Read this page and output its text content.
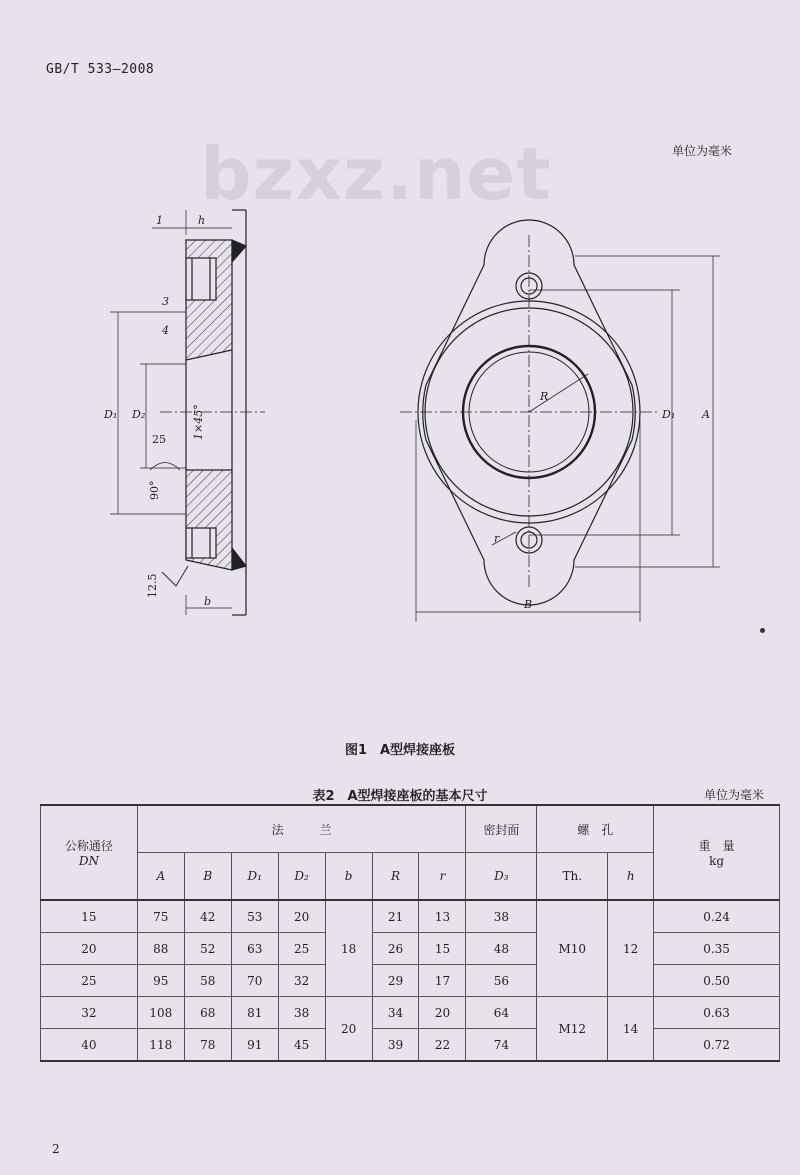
GB/T 533—2008
单位为毫米
bzxz.net
1	h
3
4
D₁ D₂	1×45°
25
90°
12.5
b
R
r
D₁ A
B
图1　A型焊接座板
表2　A型焊接座板的基本尺寸	单位为毫米
公称通径
DN	法　　　兰							密封面	螺　孔		重　量
kg
	A	B	D₁	D₂	b	R	r	D₃	Th.	h	
15	75	42	53	20	18	21	13	38	M10	12	0.24
20	88	52	63	25		26	15	48			0.35
25	95	58	70	32		29	17	56			0.50
32	108	68	81	38	20	34	20	64	M12	14	0.63
40	118	78	91	45		39	22	74			0.72
2
